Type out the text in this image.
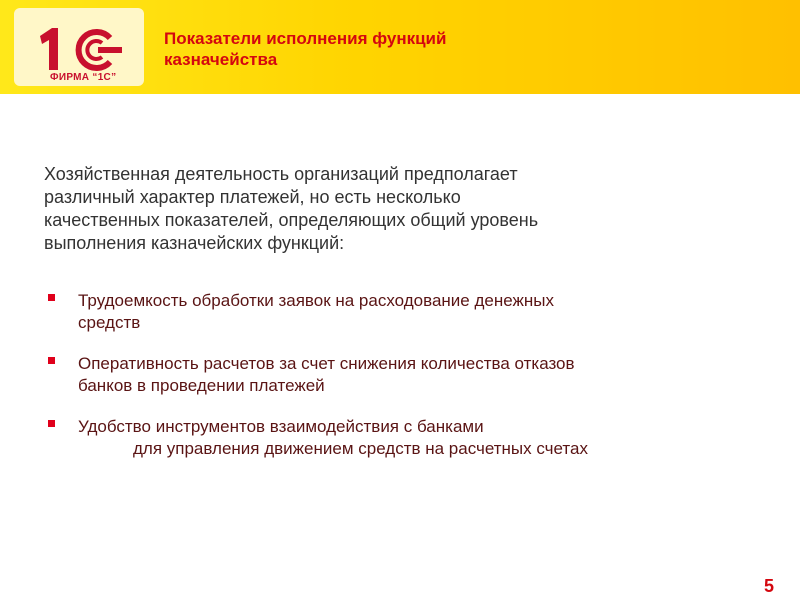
ФИРМА “1С”
Показатели исполнения функций
казначейства
Хозяйственная деятельность организаций предполагает
различный характер платежей, но есть несколько
качественных показателей, определяющих общий уровень
выполнения казначейских функций:
Трудоемкость обработки заявок на расходование денежных
средств
Оперативность расчетов за счет снижения количества отказов
банков в проведении платежей
Удобство инструментов взаимодействия с банками
для управления движением средств на расчетных счетах
5
